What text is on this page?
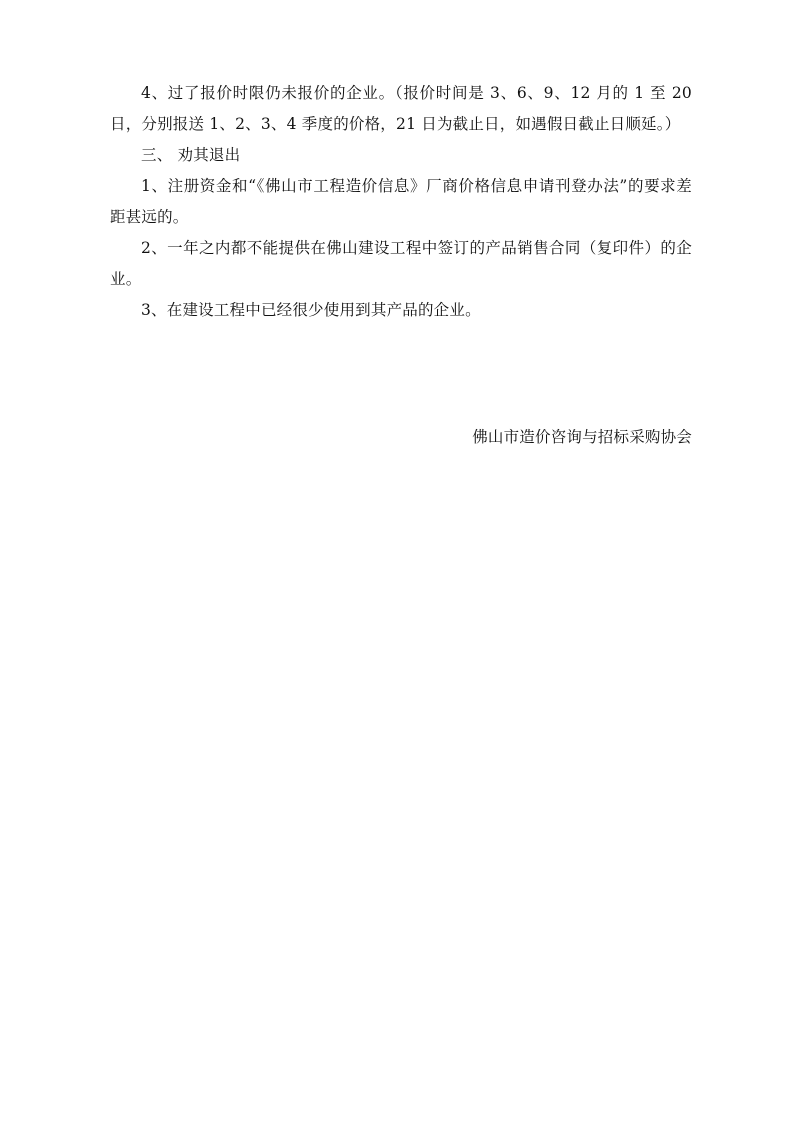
4、过了报价时限仍未报价的企业。（报价时间是 3、6、9、12 月的 1 至 20 日，分别报送 1、2、3、4 季度的价格，21 日为截止日，如遇假日截止日顺延。）

三、 劝其退出

1、注册资金和“《佛山市工程造价信息》厂商价格信息申请刊登办法”的要求差距甚远的。

2、一年之内都不能提供在佛山建设工程中签订的产品销售合同（复印件）的企业。

3、在建设工程中已经很少使用到其产品的企业。

佛山市造价咨询与招标采购协会
